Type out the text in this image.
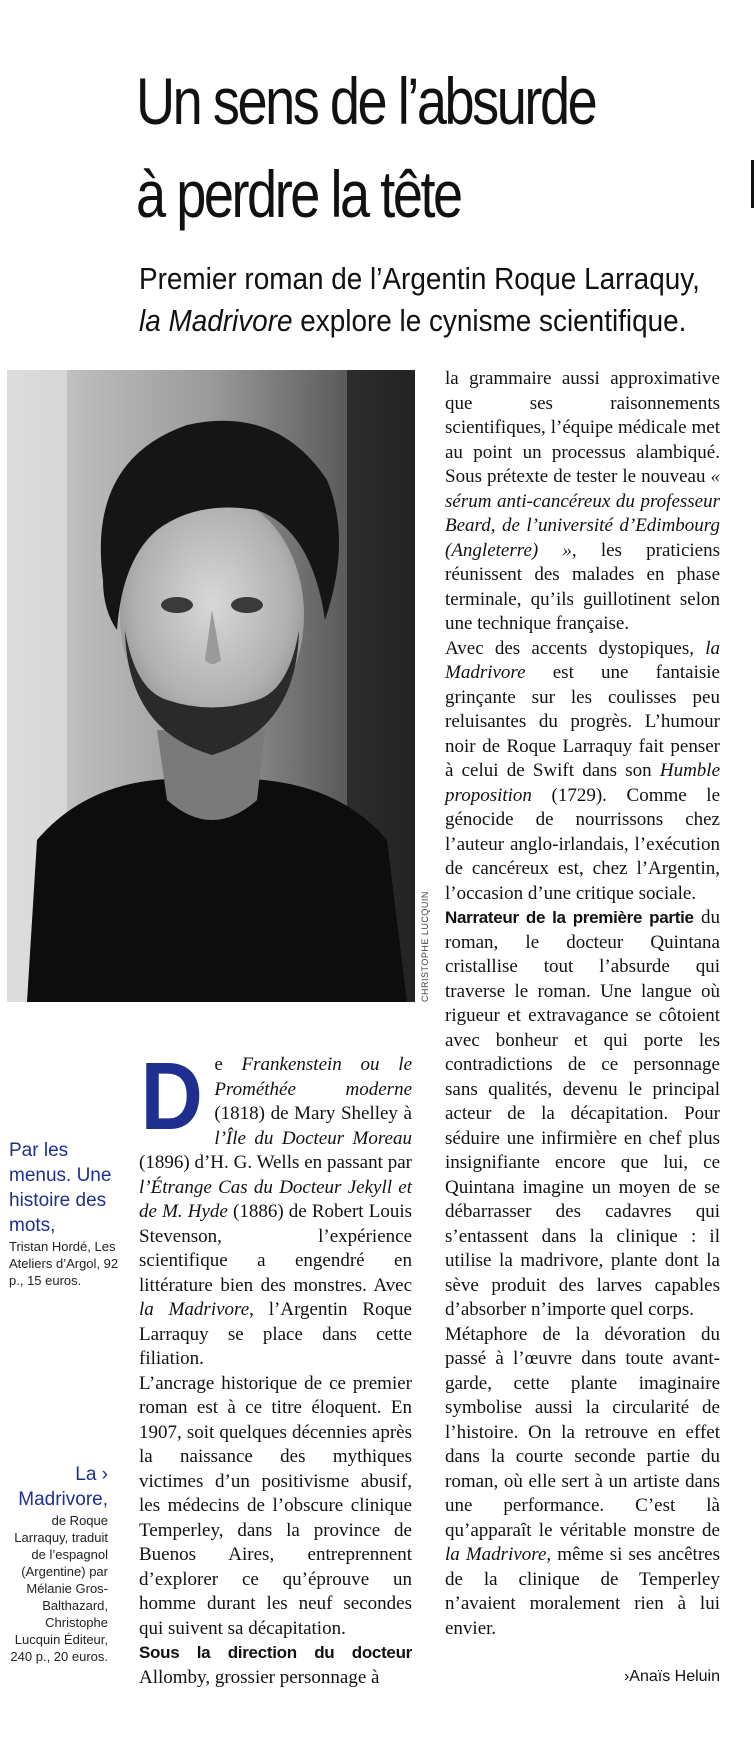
Un sens de l’absurde
à perdre la tête

Premier roman de l’Argentin Roque Larraquy,
la Madrivore explore le cynisme scientifique.

CHRISTOPHE LUCQUIN

De Frankenstein ou le Prométhée moderne (1818) de Mary Shelley à l’Île du Docteur Moreau (1896) d’H. G. Wells en passant par l’Étrange Cas du Docteur Jekyll et de M. Hyde (1886) de Robert Louis Stevenson, l’expérience scientifique a engendré en littérature bien des monstres. Avec la Madrivore, l’Argentin Roque Larraquy se place dans cette filiation.

L’ancrage historique de ce premier roman est à ce titre éloquent. En 1907, soit quelques décennies après la naissance des mythiques victimes d’un positivisme abusif, les médecins de l’obscure clinique Temperley, dans la province de Buenos Aires, entreprennent d’explorer ce qu’éprouve un homme durant les neuf secondes qui suivent sa décapitation.

Sous la direction du docteur Allomby, grossier personnage à

la grammaire aussi approximative que ses raisonnements scientifiques, l’équipe médicale met au point un processus alambiqué. Sous prétexte de tester le nouveau « sérum anti-cancéreux du professeur Beard, de l’université d’Edimbourg (Angleterre) », les praticiens réunissent des malades en phase terminale, qu’ils guillotinent selon une technique française.

Avec des accents dystopiques, la Madrivore est une fantaisie grinçante sur les coulisses peu reluisantes du progrès. L’humour noir de Roque Larraquy fait penser à celui de Swift dans son Humble proposition (1729). Comme le génocide de nourrissons chez l’auteur anglo-irlandais, l’exécution de cancéreux est, chez l’Argentin, l’occasion d’une critique sociale.

Narrateur de la première partie du roman, le docteur Quintana cristallise tout l’absurde qui traverse le roman. Une langue où rigueur et extravagance se côtoient avec bonheur et qui porte les contradictions de ce personnage sans qualités, devenu le principal acteur de la décapitation. Pour séduire une infirmière en chef plus insignifiante encore que lui, ce Quintana imagine un moyen de se débarrasser des cadavres qui s’entassent dans la clinique : il utilise la madrivore, plante dont la sève produit des larves capables d’absorber n’importe quel corps.

Métaphore de la dévoration du passé à l’œuvre dans toute avant-garde, cette plante imaginaire symbolise aussi la circularité de l’histoire. On la retrouve en effet dans la courte seconde partie du roman, où elle sert à un artiste dans une performance. C’est là qu’apparaît le véritable monstre de la Madrivore, même si ses ancêtres de la clinique de Temperley n’avaient moralement rien à lui envier.

›Anaïs Heluin
Par les menus. Une histoire des mots,
Tristan Hordé, Les Ateliers d’Argol, 92 p., 15 euros.
La › Madrivore,
de Roque Larraquy, traduit de l’espagnol (Argentine) par Mélanie Gros-Balthazard, Christophe Lucquin Éditeur, 240 p., 20 euros.
